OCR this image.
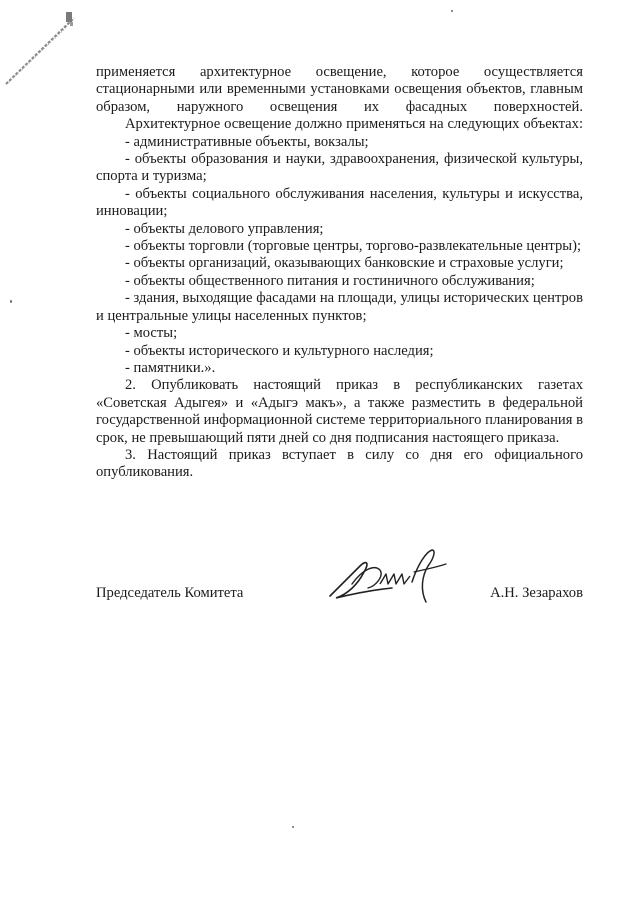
применяется архитектурное освещение, которое осуществляется стационарными или временными установками освещения объектов, главным образом, наружного освещения их фасадных поверхностей.

Архитектурное освещение должно применяться на следующих объектах:

- административные объекты, вокзалы;

- объекты образования и науки, здравоохранения, физической культуры, спорта и туризма;

- объекты социального обслуживания населения, культуры и искусства, инновации;

- объекты делового управления;

- объекты торговли (торговые центры, торгово-развлекательные центры);

- объекты организаций, оказывающих банковские и страховые услуги;

- объекты общественного питания и гостиничного обслуживания;

- здания, выходящие фасадами на площади, улицы исторических центров и центральные улицы населенных пунктов;

- мосты;

- объекты исторического и культурного наследия;

- памятники.».

2. Опубликовать настоящий приказ в республиканских газетах «Советская Адыгея» и «Адыгэ макъ», а также разместить в федеральной государственной информационной системе территориального планирования в срок, не превышающий пяти дней со дня подписания настоящего приказа.

3. Настоящий приказ вступает в силу со дня его официального опубликования.

Председатель Комитета	А.Н. Зезарахов
